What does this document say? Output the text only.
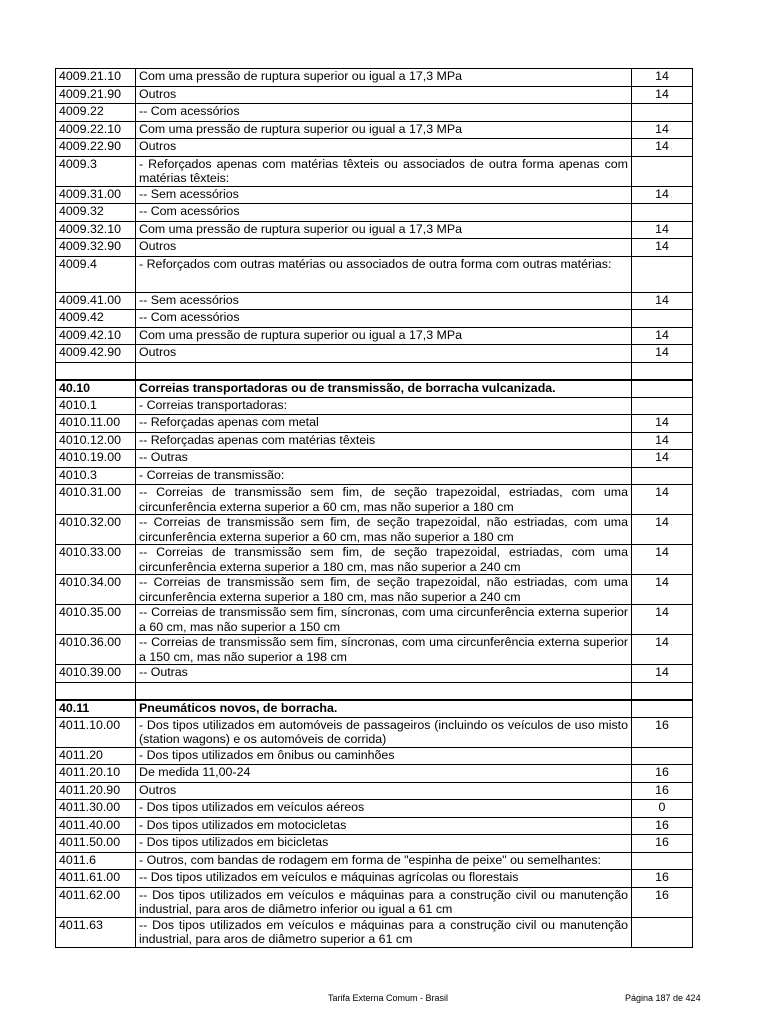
4009.21.10	Com uma pressão de ruptura superior ou igual a 17,3 MPa	14
4009.21.90	Outros	14
4009.22	-- Com acessórios	
4009.22.10	Com uma pressão de ruptura superior ou igual a 17,3 MPa	14
4009.22.90	Outros	14
4009.3	- Reforçados apenas com matérias têxteis ou associados de outra forma apenas com matérias têxteis:	
4009.31.00	-- Sem acessórios	14
4009.32	-- Com acessórios	
4009.32.10	Com uma pressão de ruptura superior ou igual a 17,3 MPa	14
4009.32.90	Outros	14
4009.4	- Reforçados com outras matérias ou associados de outra forma com outras matérias:	
4009.41.00	-- Sem acessórios	14
4009.42	-- Com acessórios	
4009.42.10	Com uma pressão de ruptura superior ou igual a 17,3 MPa	14
4009.42.90	Outros	14

40.10	Correias transportadoras ou de transmissão, de borracha vulcanizada.	
4010.1	- Correias transportadoras:	
4010.11.00	-- Reforçadas apenas com metal	14
4010.12.00	-- Reforçadas apenas com matérias têxteis	14
4010.19.00	-- Outras	14
4010.3	- Correias de transmissão:	
4010.31.00	-- Correias de transmissão sem fim, de seção trapezoidal, estriadas, com uma circunferência externa superior a 60 cm, mas não superior a 180 cm	14
4010.32.00	-- Correias de transmissão sem fim, de seção trapezoidal, não estriadas, com uma circunferência externa superior a 60 cm, mas não superior a 180 cm	14
4010.33.00	-- Correias de transmissão sem fim, de seção trapezoidal, estriadas, com uma circunferência externa superior a 180 cm, mas não superior a 240 cm	14
4010.34.00	-- Correias de transmissão sem fim, de seção trapezoidal, não estriadas, com uma circunferência externa superior a 180 cm, mas não superior a 240 cm	14
4010.35.00	-- Correias de transmissão sem fim, síncronas, com uma circunferência externa superior a 60 cm, mas não superior a 150 cm	14
4010.36.00	-- Correias de transmissão sem fim, síncronas, com uma circunferência externa superior a 150 cm, mas não superior a 198 cm	14
4010.39.00	-- Outras	14

40.11	Pneumáticos novos, de borracha.	
4011.10.00	- Dos tipos utilizados em automóveis de passageiros (incluindo os veículos de uso misto (station wagons) e os automóveis de corrida)	16
4011.20	- Dos tipos utilizados em ônibus ou caminhões	
4011.20.10	De medida 11,00-24	16
4011.20.90	Outros	16
4011.30.00	- Dos tipos utilizados em veículos aéreos	0
4011.40.00	- Dos tipos utilizados em motocicletas	16
4011.50.00	- Dos tipos utilizados em bicicletas	16
4011.6	- Outros, com bandas de rodagem em forma de "espinha de peixe" ou semelhantes:	
4011.61.00	-- Dos tipos utilizados em veículos e máquinas agrícolas ou florestais	16
4011.62.00	-- Dos tipos utilizados em veículos e máquinas para a construção civil ou manutenção industrial, para aros de diâmetro inferior ou igual a 61 cm	16
4011.63	-- Dos tipos utilizados em veículos e máquinas para a construção civil ou manutenção industrial, para aros de diâmetro superior a 61 cm	
Tarifa Externa Comum - Brasil	Página 187 de 424
